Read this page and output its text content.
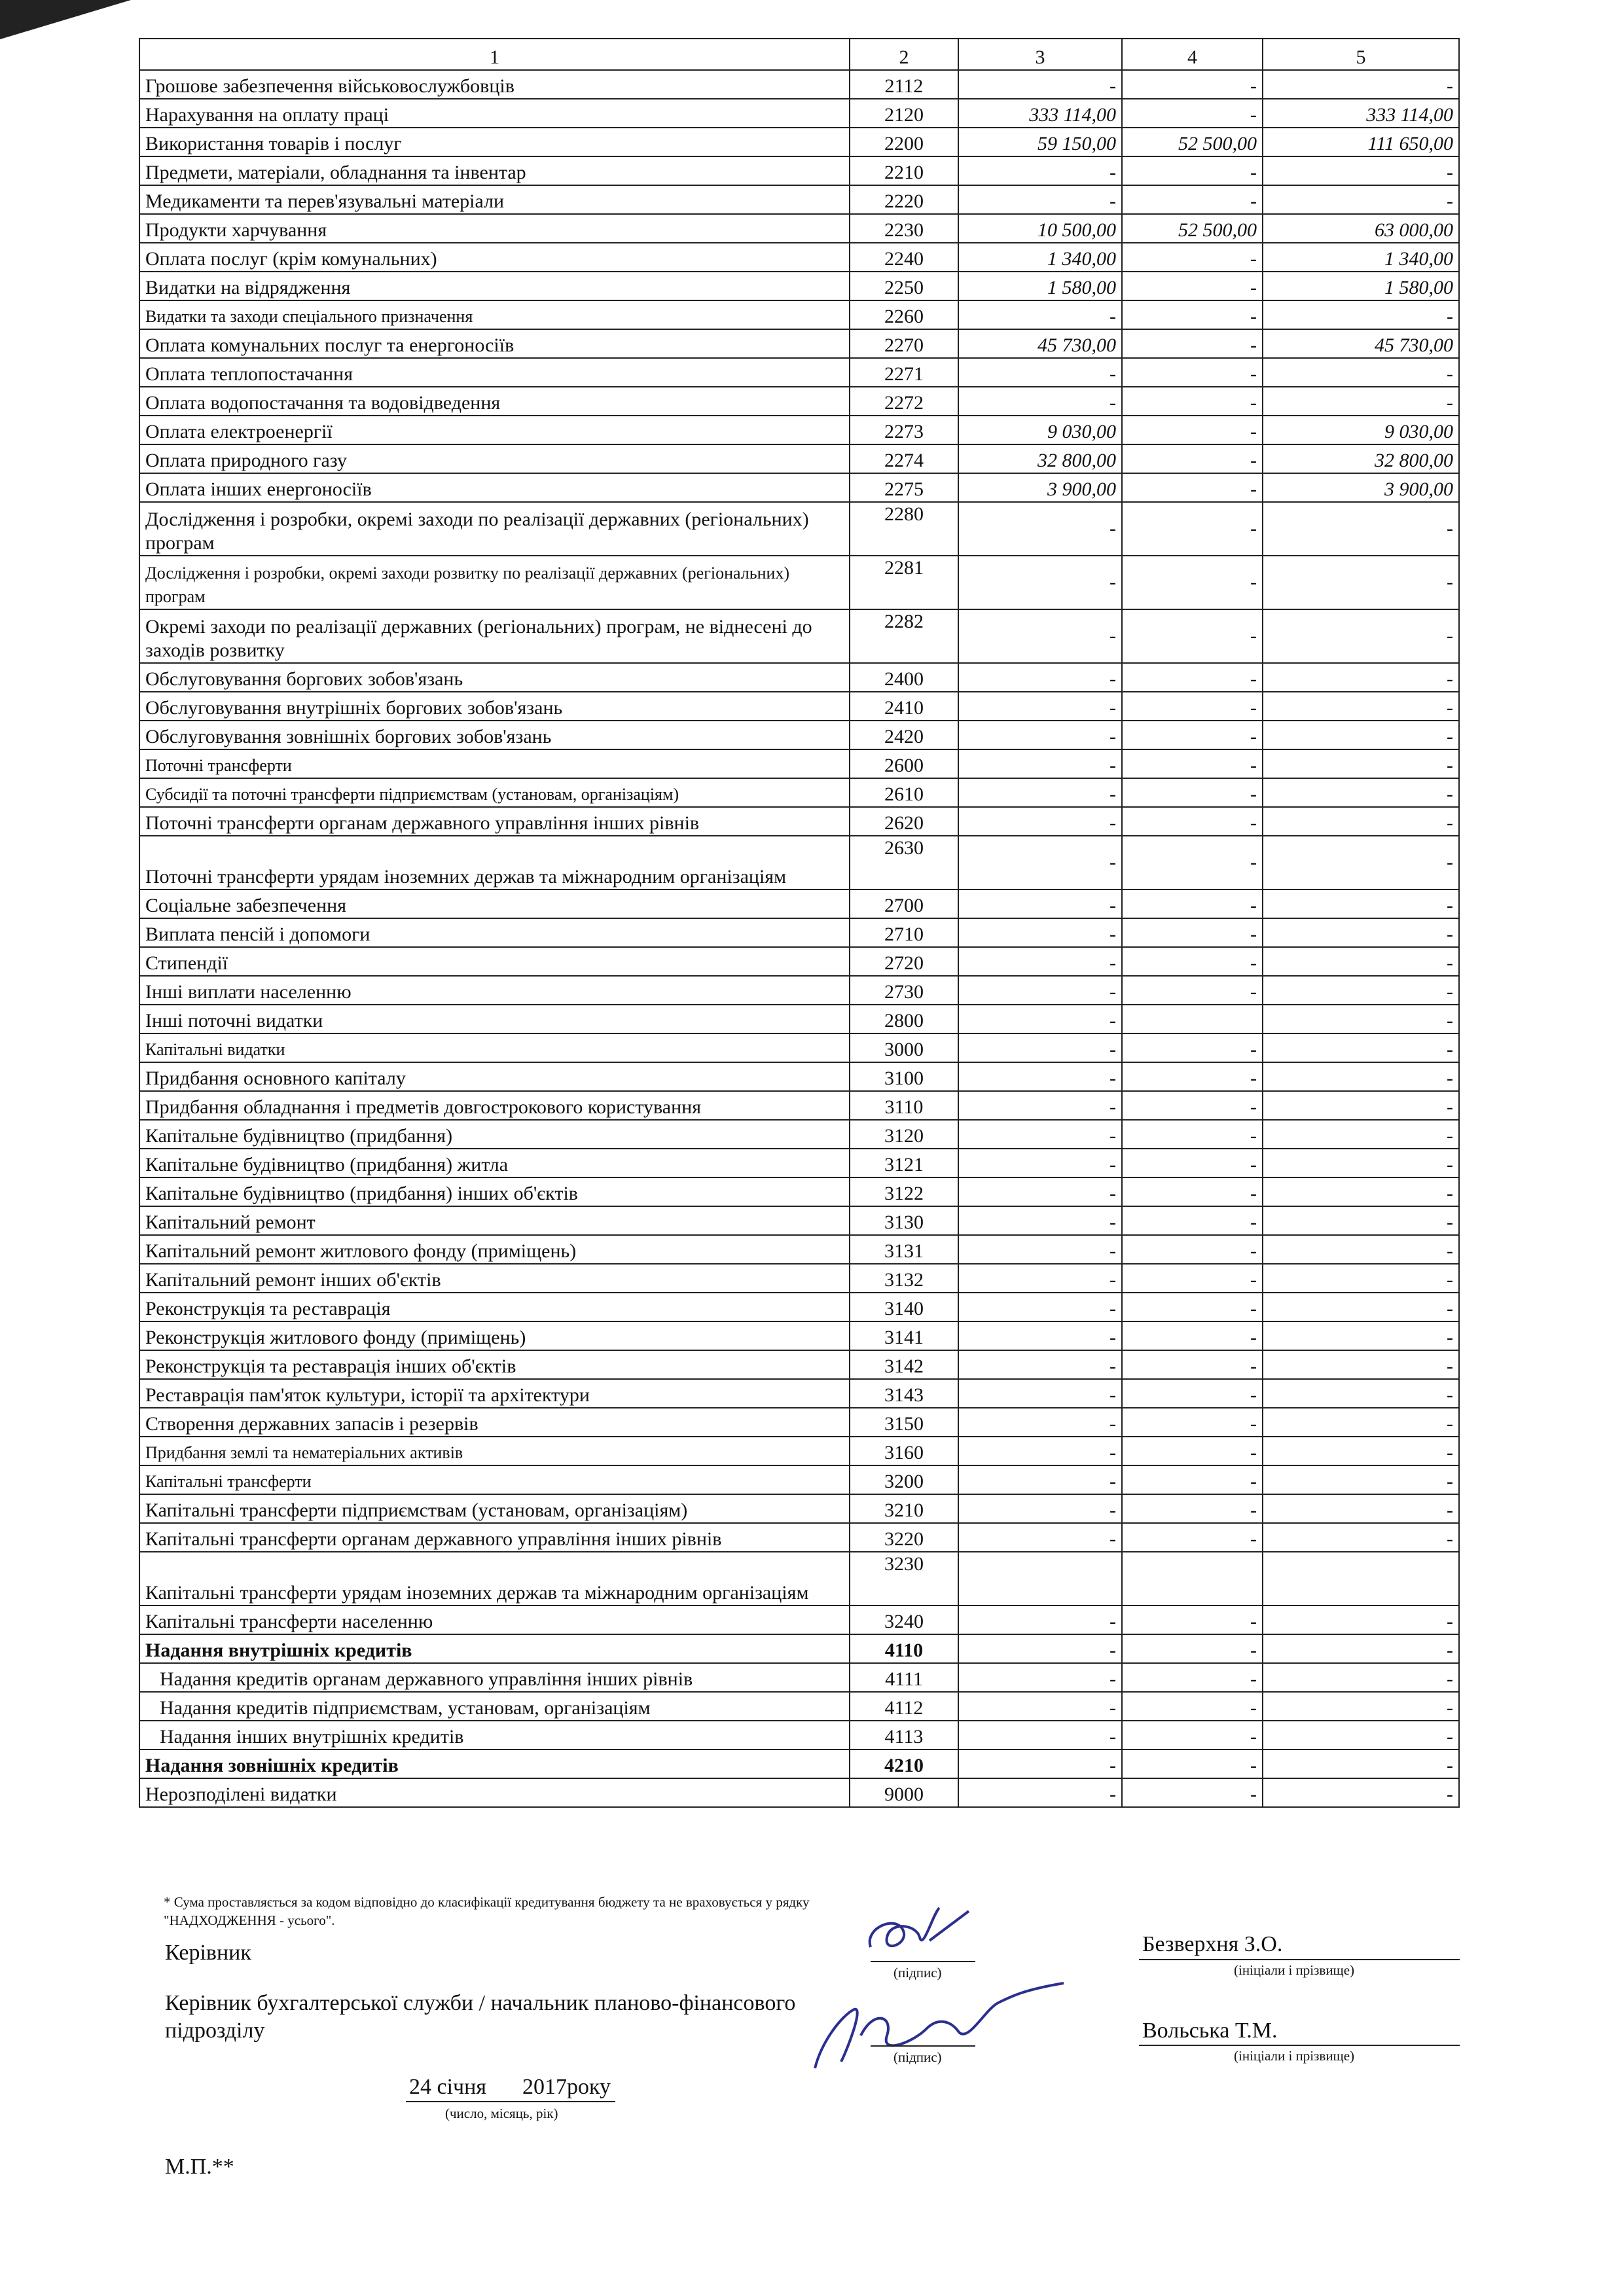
1	2	3	4	5
Грошове забезпечення військовослужбовців	2112	-	-	-
Нарахування на оплату праці	2120	333 114,00	-	333 114,00
Використання товарів і послуг	2200	59 150,00	52 500,00	111 650,00
Предмети, матеріали, обладнання та інвентар	2210	-	-	-
Медикаменти та перев'язувальні матеріали	2220	-	-	-
Продукти харчування	2230	10 500,00	52 500,00	63 000,00
Оплата послуг (крім комунальних)	2240	1 340,00	-	1 340,00
Видатки на відрядження	2250	1 580,00	-	1 580,00
Видатки та заходи спеціального призначення	2260	-	-	-
Оплата комунальних послуг та енергоносіїв	2270	45 730,00	-	45 730,00
Оплата теплопостачання	2271	-	-	-
Оплата водопостачання та водовідведення	2272	-	-	-
Оплата електроенергії	2273	9 030,00	-	9 030,00
Оплата природного газу	2274	32 800,00	-	32 800,00
Оплата інших енергоносіїв	2275	3 900,00	-	3 900,00
Дослідження і розробки, окремі заходи по реалізації державних (регіональних) програм	2280	-	-	-
Дослідження і розробки, окремі заходи розвитку по реалізації державних (регіональних) програм	2281	-	-	-
Окремі заходи по реалізації державних (регіональних) програм, не віднесені до заходів розвитку	2282	-	-	-
Обслуговування боргових зобов'язань	2400	-	-	-
Обслуговування внутрішніх боргових зобов'язань	2410	-	-	-
Обслуговування зовнішніх боргових зобов'язань	2420	-	-	-
Поточні трансферти	2600	-	-	-
Субсидії та поточні трансферти підприємствам (установам, організаціям)	2610	-	-	-
Поточні трансферти органам державного управління інших рівнів	2620	-	-	-
Поточні трансферти урядам іноземних держав та міжнародним організаціям	2630	-	-	-
Соціальне забезпечення	2700	-	-	-
Виплата пенсій і допомоги	2710	-	-	-
Стипендії	2720	-	-	-
Інші виплати населенню	2730	-	-	-
Інші поточні видатки	2800	-		-
Капітальні видатки	3000	-	-	-
Придбання основного капіталу	3100	-	-	-
Придбання обладнання і предметів довгострокового користування	3110	-	-	-
Капітальне будівництво (придбання)	3120	-	-	-
Капітальне будівництво (придбання) житла	3121	-	-	-
Капітальне будівництво (придбання) інших об'єктів	3122	-	-	-
Капітальний ремонт	3130	-	-	-
Капітальний ремонт житлового фонду (приміщень)	3131	-	-	-
Капітальний ремонт інших об'єктів	3132	-	-	-
Реконструкція та реставрація	3140	-	-	-
Реконструкція житлового фонду (приміщень)	3141	-	-	-
Реконструкція та реставрація інших об'єктів	3142	-	-	-
Реставрація пам'яток культури, історії та архітектури	3143	-	-	-
Створення державних запасів і резервів	3150	-	-	-
Придбання землі та нематеріальних активів	3160	-	-	-
Капітальні трансферти	3200	-	-	-
Капітальні трансферти підприємствам (установам, організаціям)	3210	-	-	-
Капітальні трансферти органам державного управління інших рівнів	3220	-	-	-
Капітальні трансферти урядам іноземних держав та міжнародним організаціям	3230			
Капітальні трансферти населенню	3240	-	-	-
Надання внутрішніх кредитів	4110	-	-	-
Надання кредитів органам державного управління інших рівнів	4111	-	-	-
Надання кредитів підприємствам, установам, організаціям	4112	-	-	-
Надання інших внутрішніх кредитів	4113	-	-	-
Надання зовнішніх кредитів	4210	-	-	-
Нерозподілені видатки	9000	-	-	-
* Сума проставляється за кодом відповідно до класифікації кредитування бюджету та не враховується у рядку "НАДХОДЖЕННЯ - усього".
Керівник
Керівник бухгалтерської служби / начальник планово-фінансового підрозділу
(підпис)
Безверхня З.О.
(ініціали і прізвище)
(підпис)
Вольська Т.М.
(ініціали і прізвище)
24 січня 2017року
(число, місяць, рік)
М.П.**
